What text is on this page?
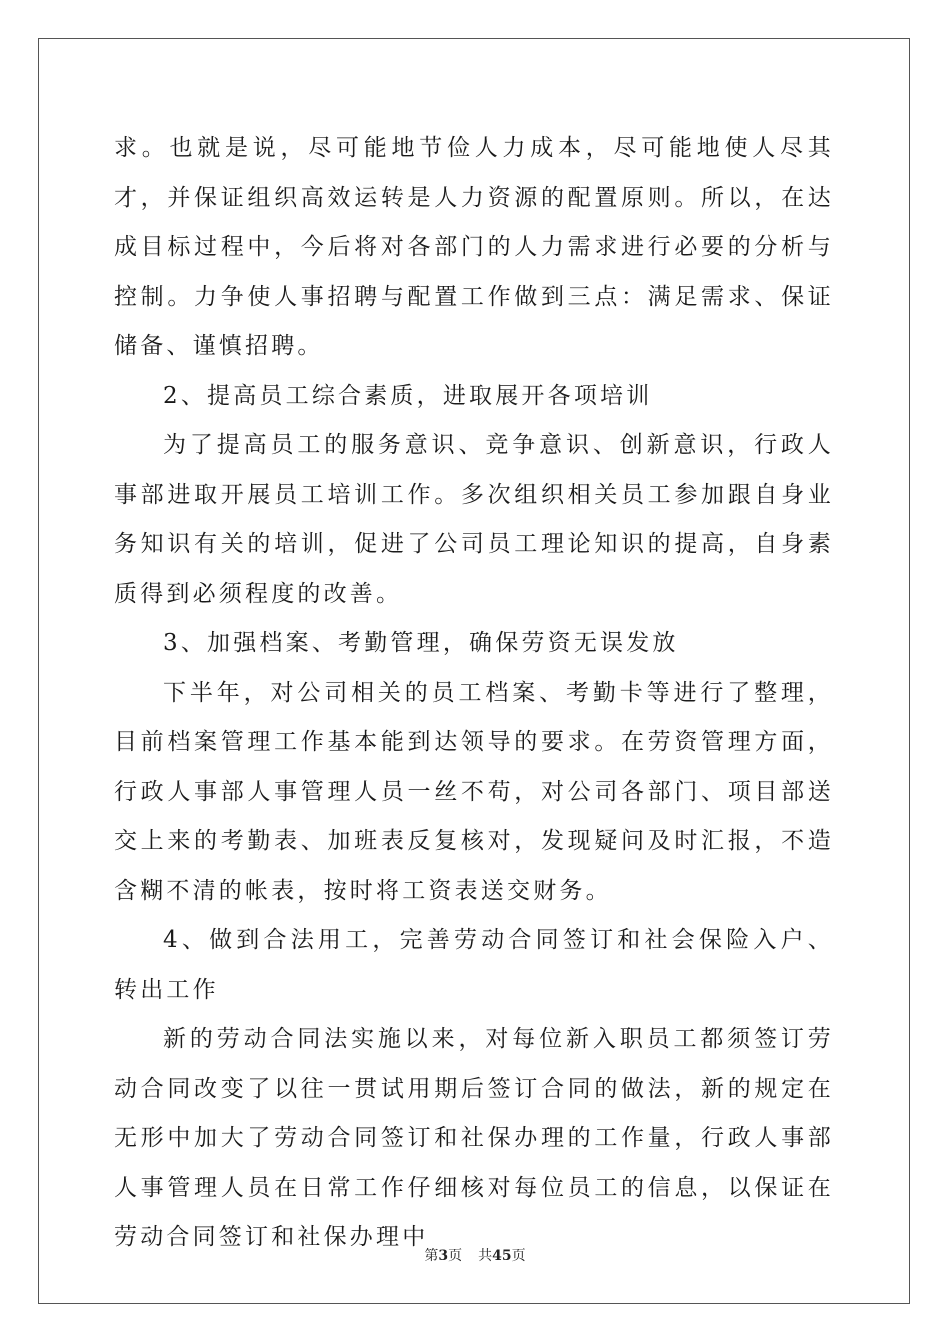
求。也就是说，尽可能地节俭人力成本，尽可能地使人尽其才，并保证组织高效运转是人力资源的配置原则。所以，在达成目标过程中，今后将对各部门的人力需求进行必要的分析与控制。力争使人事招聘与配置工作做到三点：满足需求、保证储备、谨慎招聘。

2、提高员工综合素质，进取展开各项培训

为了提高员工的服务意识、竞争意识、创新意识，行政人事部进取开展员工培训工作。多次组织相关员工参加跟自身业务知识有关的培训，促进了公司员工理论知识的提高，自身素质得到必须程度的改善。

3、加强档案、考勤管理，确保劳资无误发放

下半年，对公司相关的员工档案、考勤卡等进行了整理，目前档案管理工作基本能到达领导的要求。在劳资管理方面，行政人事部人事管理人员一丝不苟，对公司各部门、项目部送交上来的考勤表、加班表反复核对，发现疑问及时汇报，不造含糊不清的帐表，按时将工资表送交财务。

4、做到合法用工，完善劳动合同签订和社会保险入户、转出工作

新的劳动合同法实施以来，对每位新入职员工都须签订劳动合同改变了以往一贯试用期后签订合同的做法，新的规定在无形中加大了劳动合同签订和社保办理的工作量，行政人事部人事管理人员在日常工作仔细核对每位员工的信息，以保证在劳动合同签订和社保办理中

第3页 共45页
